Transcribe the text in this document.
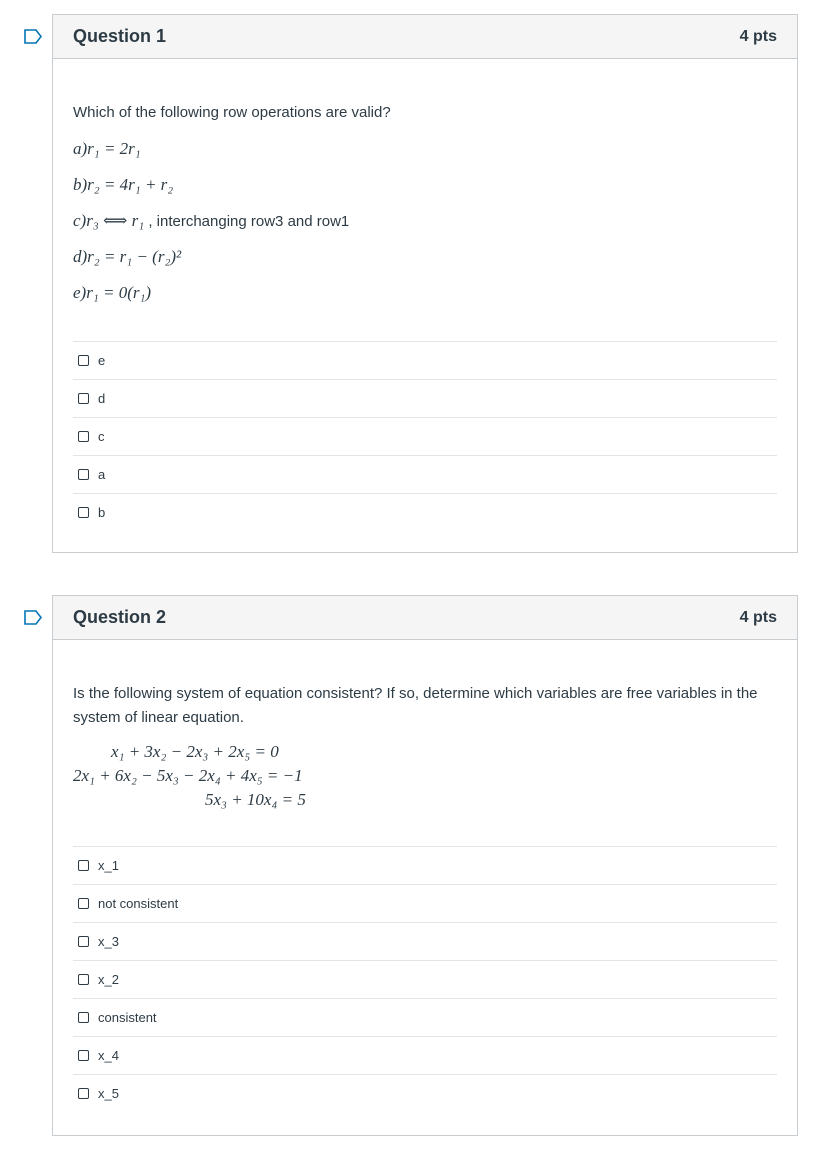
Question 1	4 pts
Which of the following row operations are valid?
a)r₁ = 2r₁
b)r₂ = 4r₁ + r₂
c)r₃ ⟺ r₁ , interchanging row3 and row1
d)r₂ = r₁ − (r₂)²
e)r₁ = 0(r₁)
e
d
c
a
b
Question 2	4 pts
Is the following system of equation consistent? If so, determine which variables are free variables in the system of linear equation.
x₁ + 3x₂ − 2x₃ + 2x₅ = 0
2x₁ + 6x₂ − 5x₃ − 2x₄ + 4x₅ = −1
5x₃ + 10x₄ = 5
x_1
not consistent
x_3
x_2
consistent
x_4
x_5
